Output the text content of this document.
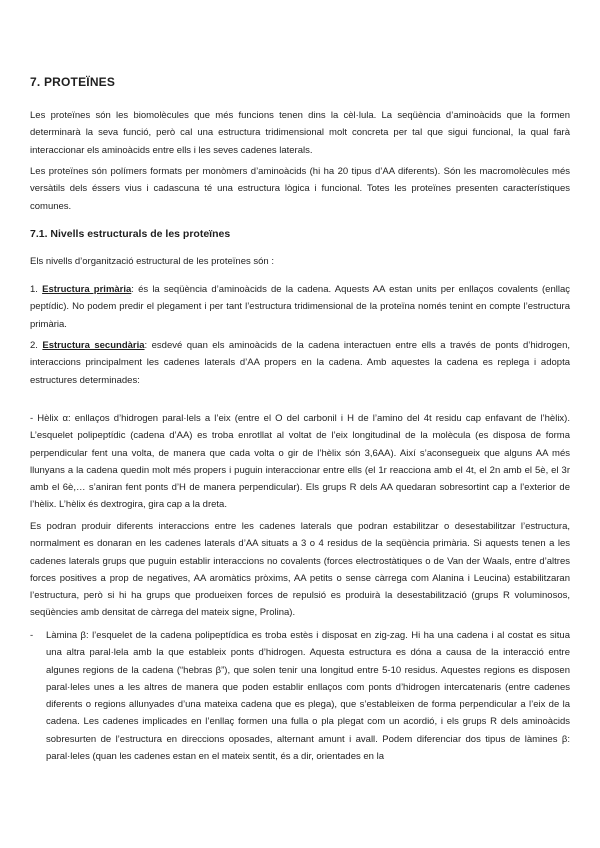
7. PROTEÏNES

Les proteïnes són les biomolècules que més funcions tenen dins la cèl·lula. La seqüència d’aminoàcids que la formen determinarà la seva funció, però cal una estructura tridimensional molt concreta per tal que sigui funcional, la qual farà interaccionar els aminoàcids entre ells i les seves cadenes laterals.

Les proteïnes són polímers formats per monòmers d’aminoàcids (hi ha 20 tipus d’AA diferents). Són les macromolècules més versàtils dels éssers vius i cadascuna té una estructura lògica i funcional. Totes les proteïnes presenten característiques comunes.

7.1. Nivells estructurals de les proteïnes

Els nivells d’organització estructural de les proteïnes són :

1. Estructura primària: és la seqüència d’aminoàcids de la cadena. Aquests AA estan units per enllaços covalents (enllaç peptídic). No podem predir el plegament i per tant l’estructura tridimensional de la proteïna només tenint en compte l’estructura primària.

2. Estructura secundària: esdevé quan els aminoàcids de la cadena interactuen entre ells a través de ponts d’hidrogen, interaccions principalment les cadenes laterals d’AA propers en la cadena. Amb aquestes la cadena es replega i adopta estructures determinades:

- Hèlix α: enllaços d’hidrogen paral·lels a l’eix (entre el O del carbonil i H de l’amino del 4t residu cap enfavant de l’hèlix). L’esquelet polipeptídic (cadena d’AA) es troba enrotllat al voltat de l’eix longitudinal de la molècula (es disposa de forma perpendicular fent una volta, de manera que cada volta o gir de l’hèlix són 3,6AA). Així s’aconsegueix que alguns AA més llunyans a la cadena quedin molt més propers i puguin interaccionar entre ells (el 1r reacciona amb el 4t, el 2n amb el 5è, el 3r amb el 6è,… s’aniran fent ponts d’H de manera perpendicular). Els grups R dels AA quedaran sobresortint cap a l’exterior de l’hèlix. L’hèlix és dextrogira, gira cap a la dreta.

Es podran produir diferents interaccions entre les cadenes laterals que podran estabilitzar o desestabilitzar l’estructura, normalment es donaran en les cadenes laterals d’AA situats a 3 o 4 residus de la seqüència primària. Si aquests tenen a les cadenes laterals grups que puguin establir interaccions no covalents (forces electrostàtiques o de Van der Waals, entre d’altres forces positives a prop de negatives, AA aromàtics pròxims, AA petits o sense càrrega com Alanina i Leucina) estabilitzaran l’estructura, però si hi ha grups que produeixen forces de repulsió es produirà la desestabilització (grups R voluminosos, seqüències amb densitat de càrrega del mateix signe, Prolina).

-	Làmina β: l’esquelet de la cadena polipeptídica es troba estès i disposat en zig-zag. Hi ha una cadena i al costat es situa una altra paral·lela amb la que estableix ponts d’hidrogen. Aquesta estructura es dóna a causa de la interacció entre algunes regions de la cadena (“hebras β”), que solen tenir una longitud entre 5-10 residus. Aquestes regions es disposen paral·leles unes a les altres de manera que poden establir enllaços com ponts d’hidrogen intercatenaris (entre cadenes diferents o regions allunyades d’una mateixa cadena que es plega), que s’estableixen de forma perpendicular a l’eix de la cadena. Les cadenes implicades en l’enllaç formen una fulla o pla plegat com un acordió, i els grups R dels aminoàcids sobresurten de l’estructura en direccions oposades, alternant amunt i avall. Podem diferenciar dos tipus de làmines β: paral·leles (quan les cadenes estan en el mateix sentit, és a dir, orientades en la
